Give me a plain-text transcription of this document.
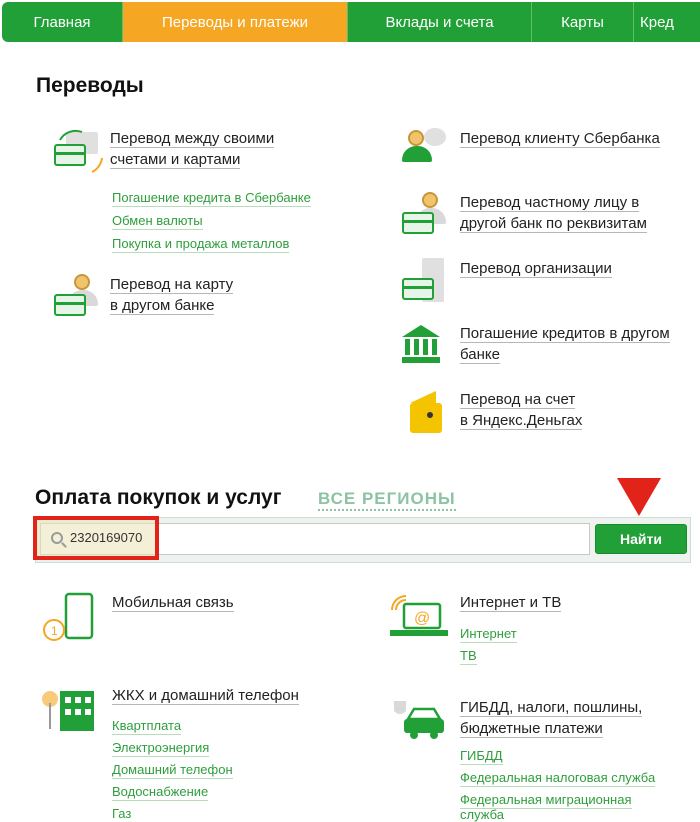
Главная	Переводы и платежи	Вклады и счета	Карты	Кред
Переводы
Перевод между своими
счетами и картами
Погашение кредита в Сбербанке
Обмен валюты
Покупка и продажа металлов
Перевод на карту
в другом банке
Перевод клиенту Сбербанка
Перевод частному лицу в
другой банк по реквизитам
Перевод организации
Погашение кредитов в другом
банке
Перевод на счет
в Яндекс.Деньгах
Оплата покупок и услуг ВСЕ РЕГИОНЫ
2320169070	Найти
1
Мобильная связь
@
Интернет и ТВ
Интернет
ТВ
ЖКХ и домашний телефон
Квартплата
Электроэнергия
Домашний телефон
Водоснабжение
Газ
ГИБДД, налоги, пошлины,
бюджетные платежи
ГИБДД
Федеральная налоговая служба
Федеральная миграционная
служба
